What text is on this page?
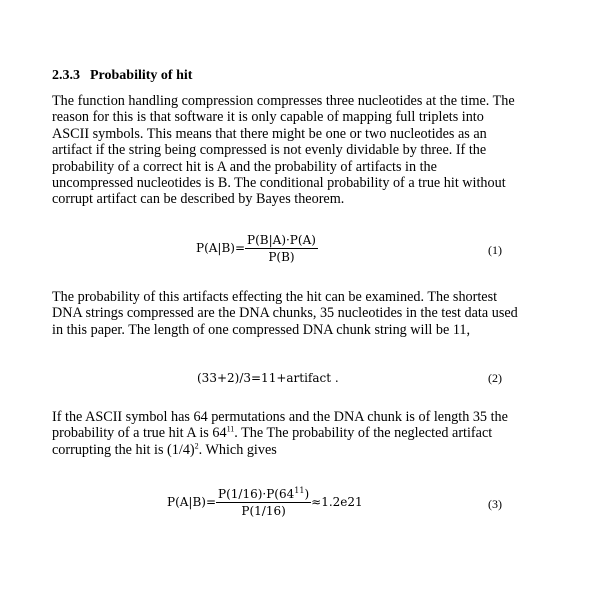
2.3.3 Probability of hit
The function handling compression compresses three nucleotides at the time. The
reason for this is that software it is only capable of mapping full triplets into
ASCII symbols. This means that there might be one or two nucleotides as an
artifact if the string being compressed is not evenly dividable by three. If the
probability of a correct hit is A and the probability of artifacts in the
uncompressed nucleotides is B. The conditional probability of a true hit without
corrupt artifact can be described by Bayes theorem.
$P(A|B)= \frac{P(B|A)\cdot P(A)}{P(B)}$	(1)
The probability of this artifacts effecting the hit can be examined. The shortest
DNA strings compressed are the DNA chunks, 35 nucleotides in the test data used
in this paper. The length of one compressed DNA chunk string will be 11,
(33+2)/3=11+artifact .	(2)
If the ASCII symbol has 64 permutations and the DNA chunk is of length 35 the
probability of a true hit A is $64^{11}$. The The probability of the neglected artifact
corrupting the hit is $(1/4)^2$. Which gives
$P(A|B)= \frac{P(1/16)\cdot P(64^{11})}{P(1/16)} \approx 1.2e21$	(3)
